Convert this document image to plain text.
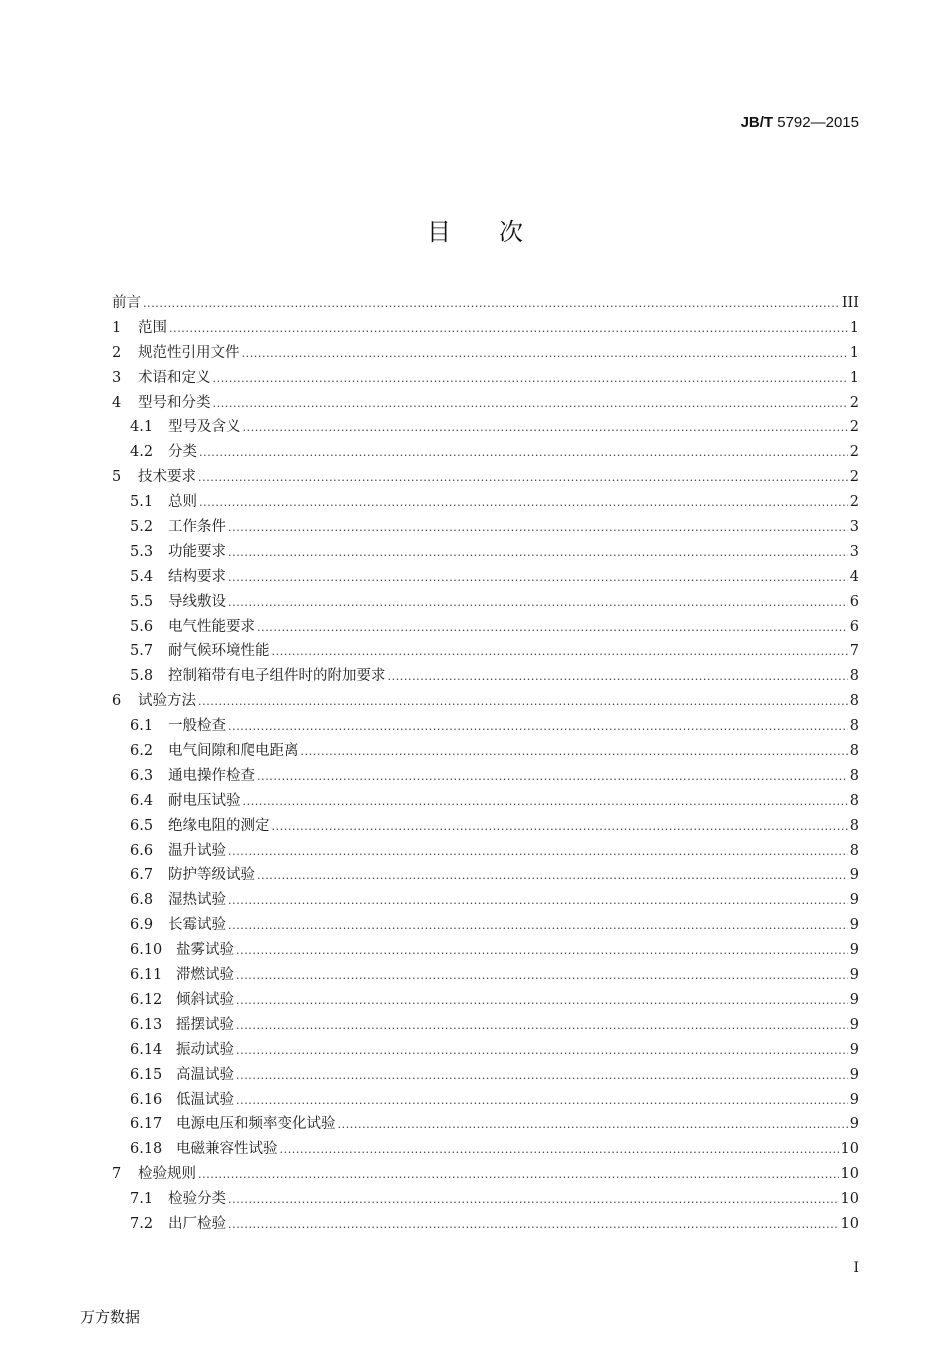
JB/T 5792—2015
目次
前言 .....	III
1	范围 .....	1
2	规范性引用文件 .....	1
3	术语和定义 .....	1
4	型号和分类 .....	2
4.1	型号及含义 .....	2
4.2	分类 .....	2
5	技术要求 .....	2
5.1	总则 .....	2
5.2	工作条件 .....	3
5.3	功能要求 .....	3
5.4	结构要求 .....	4
5.5	导线敷设 .....	6
5.6	电气性能要求 .....	6
5.7	耐气候环境性能 .....	7
5.8	控制箱带有电子组件时的附加要求 .....	8
6	试验方法 .....	8
6.1	一般检查 .....	8
6.2	电气间隙和爬电距离 .....	8
6.3	通电操作检查 .....	8
6.4	耐电压试验 .....	8
6.5	绝缘电阻的测定 .....	8
6.6	温升试验 .....	8
6.7	防护等级试验 .....	9
6.8	湿热试验 .....	9
6.9	长霉试验 .....	9
6.10 盐雾试验 .....	9
6.11 滞燃试验 .....	9
6.12 倾斜试验 .....	9
6.13 摇摆试验 .....	9
6.14 振动试验 .....	9
6.15 高温试验 .....	9
6.16 低温试验 .....	9
6.17 电源电压和频率变化试验 .....	9
6.18 电磁兼容性试验 .....	10
7	检验规则 .....	10
7.1	检验分类 .....	10
7.2	出厂检验 .....	10
I
万方数据
